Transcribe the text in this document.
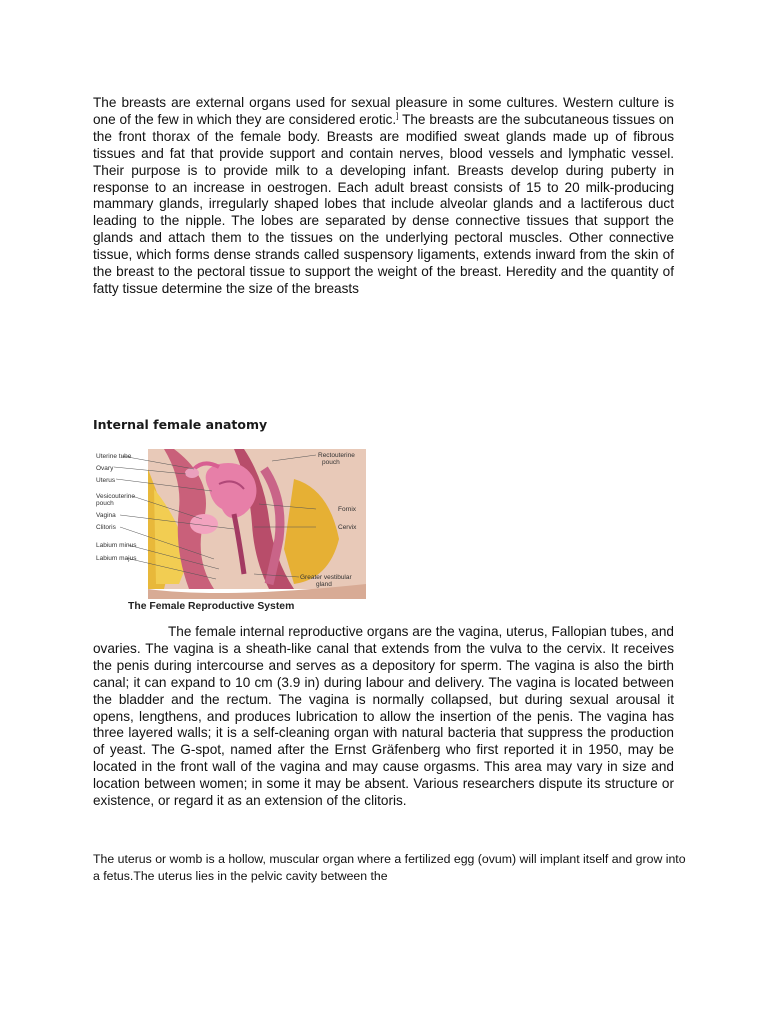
The breasts are external organs used for sexual pleasure in some cultures. Western culture is one of the few in which they are considered erotic.] The breasts are the subcutaneous tissues on the front thorax of the female body. Breasts are modified sweat glands made up of fibrous tissues and fat that provide support and contain nerves, blood vessels and lymphatic vessel. Their purpose is to provide milk to a developing infant. Breasts develop during puberty in response to an increase in oestrogen. Each adult breast consists of 15 to 20 milk-producing mammary glands, irregularly shaped lobes that include alveolar glands and a lactiferous duct leading to the nipple. The lobes are separated by dense connective tissues that support the glands and attach them to the tissues on the underlying pectoral muscles. Other connective tissue, which forms dense strands called suspensory ligaments, extends inward from the skin of the breast to the pectoral tissue to support the weight of the breast. Heredity and the quantity of fatty tissue determine the size of the breasts

Internal female anatomy
Uterine tube
Ovary
Uterus
Vesicouterine
pouch
Vagina
Clitoris
Labium minus
Labium majus
Rectouterine
pouch
Fornix
Cervix
Greater vestibular
gland

The Female Reproductive System

The female internal reproductive organs are the vagina, uterus, Fallopian tubes, and ovaries. The vagina is a sheath-like canal that extends from the vulva to the cervix. It receives the penis during intercourse and serves as a depository for sperm. The vagina is also the birth canal; it can expand to 10 cm (3.9 in) during labour and delivery. The vagina is located between the bladder and the rectum. The vagina is normally collapsed, but during sexual arousal it opens, lengthens, and produces lubrication to allow the insertion of the penis. The vagina has three layered walls; it is a self-cleaning organ with natural bacteria that suppress the production of yeast. The G-spot, named after the Ernst Gräfenberg who first reported it in 1950, may be located in the front wall of the vagina and may cause orgasms. This area may vary in size and location between women; in some it may be absent. Various researchers dispute its structure or existence, or regard it as an extension of the clitoris.

The uterus or womb is a hollow, muscular organ where a fertilized egg (ovum) will implant itself and grow into a fetus.The uterus lies in the pelvic cavity between the
